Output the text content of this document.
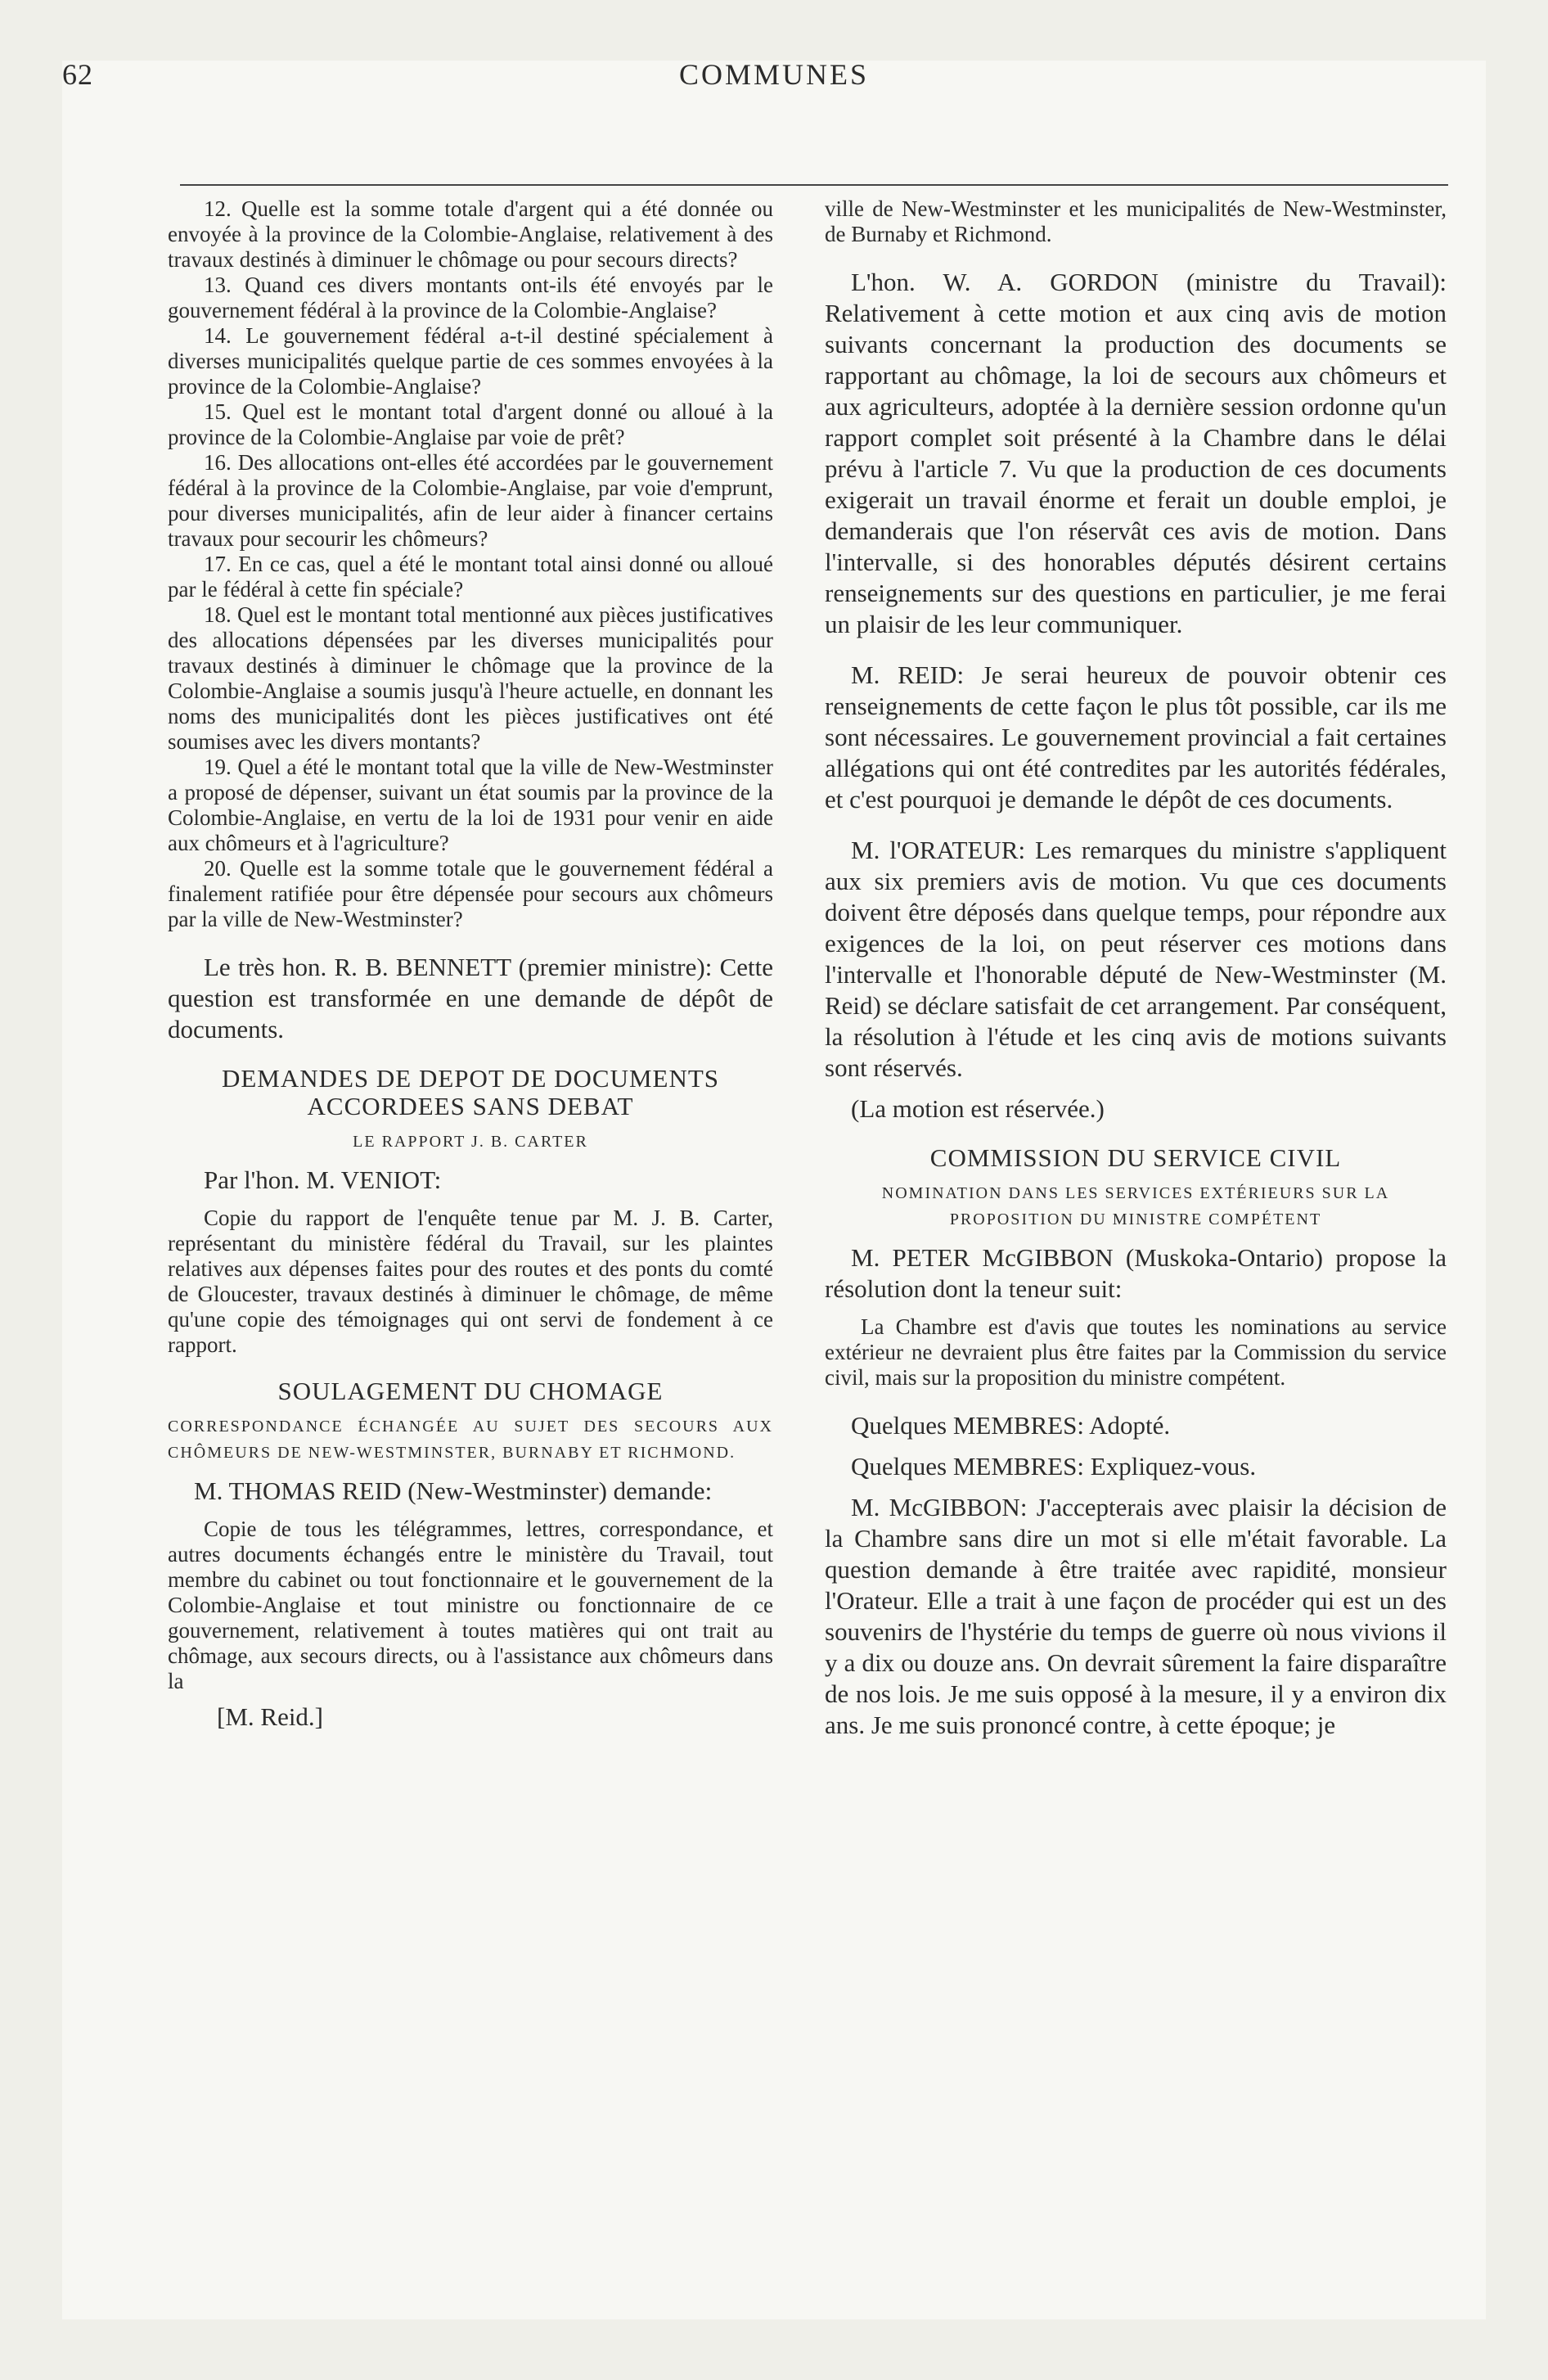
62	COMMUNES

12. Quelle est la somme totale d'argent qui a été donnée ou envoyée à la province de la Colombie-Anglaise, relativement à des travaux destinés à diminuer le chômage ou pour secours directs?

13. Quand ces divers montants ont-ils été envoyés par le gouvernement fédéral à la province de la Colombie-Anglaise?

14. Le gouvernement fédéral a-t-il destiné spécialement à diverses municipalités quelque partie de ces sommes envoyées à la province de la Colombie-Anglaise?

15. Quel est le montant total d'argent donné ou alloué à la province de la Colombie-Anglaise par voie de prêt?

16. Des allocations ont-elles été accordées par le gouvernement fédéral à la province de la Colombie-Anglaise, par voie d'emprunt, pour diverses municipalités, afin de leur aider à financer certains travaux pour secourir les chômeurs?

17. En ce cas, quel a été le montant total ainsi donné ou alloué par le fédéral à cette fin spéciale?

18. Quel est le montant total mentionné aux pièces justificatives des allocations dépensées par les diverses municipalités pour travaux destinés à diminuer le chômage que la province de la Colombie-Anglaise a soumis jusqu'à l'heure actuelle, en donnant les noms des municipalités dont les pièces justificatives ont été soumises avec les divers montants?

19. Quel a été le montant total que la ville de New-Westminster a proposé de dépenser, suivant un état soumis par la province de la Colombie-Anglaise, en vertu de la loi de 1931 pour venir en aide aux chômeurs et à l'agriculture?

20. Quelle est la somme totale que le gouvernement fédéral a finalement ratifiée pour être dépensée pour secours aux chômeurs par la ville de New-Westminster?

Le très hon. R. B. BENNETT (premier ministre): Cette question est transformée en une demande de dépôt de documents.

DEMANDES DE DEPOT DE DOCUMENTS ACCORDEES SANS DEBAT
LE RAPPORT J. B. CARTER

Par l'hon. M. VENIOT:

Copie du rapport de l'enquête tenue par M. J. B. Carter, représentant du ministère fédéral du Travail, sur les plaintes relatives aux dépenses faites pour des routes et des ponts du comté de Gloucester, travaux destinés à diminuer le chômage, de même qu'une copie des témoignages qui ont servi de fondement à ce rapport.

SOULAGEMENT DU CHOMAGE
CORRESPONDANCE ÉCHANGÉE AU SUJET DES SECOURS AUX CHÔMEURS DE NEW-WESTMINSTER, BURNABY ET RICHMOND.

M. THOMAS REID (New-Westminster) demande:

Copie de tous les télégrammes, lettres, correspondance, et autres documents échangés entre le ministère du Travail, tout membre du cabinet ou tout fonctionnaire et le gouvernement de la Colombie-Anglaise et tout ministre ou fonctionnaire de ce gouvernement, relativement à toutes matières qui ont trait au chômage, aux secours directs, ou à l'assistance aux chômeurs dans la

[M. Reid.]

ville de New-Westminster et les municipalités de New-Westminster, de Burnaby et Richmond.

L'hon. W. A. GORDON (ministre du Travail): Relativement à cette motion et aux cinq avis de motion suivants concernant la production des documents se rapportant au chômage, la loi de secours aux chômeurs et aux agriculteurs, adoptée à la dernière session ordonne qu'un rapport complet soit présenté à la Chambre dans le délai prévu à l'article 7. Vu que la production de ces documents exigerait un travail énorme et ferait un double emploi, je demanderais que l'on réservât ces avis de motion. Dans l'intervalle, si des honorables députés désirent certains renseignements sur des questions en particulier, je me ferai un plaisir de les leur communiquer.

M. REID: Je serai heureux de pouvoir obtenir ces renseignements de cette façon le plus tôt possible, car ils me sont nécessaires. Le gouvernement provincial a fait certaines allégations qui ont été contredites par les autorités fédérales, et c'est pourquoi je demande le dépôt de ces documents.

M. l'ORATEUR: Les remarques du ministre s'appliquent aux six premiers avis de motion. Vu que ces documents doivent être déposés dans quelque temps, pour répondre aux exigences de la loi, on peut réserver ces motions dans l'intervalle et l'honorable député de New-Westminster (M. Reid) se déclare satisfait de cet arrangement. Par conséquent, la résolution à l'étude et les cinq avis de motions suivants sont réservés.

(La motion est réservée.)

COMMISSION DU SERVICE CIVIL
NOMINATION DANS LES SERVICES EXTÉRIEURS SUR LA PROPOSITION DU MINISTRE COMPÉTENT

M. PETER McGIBBON (Muskoka-Ontario) propose la résolution dont la teneur suit:

La Chambre est d'avis que toutes les nominations au service extérieur ne devraient plus être faites par la Commission du service civil, mais sur la proposition du ministre compétent.

Quelques MEMBRES: Adopté.

Quelques MEMBRES: Expliquez-vous.

M. McGIBBON: J'accepterais avec plaisir la décision de la Chambre sans dire un mot si elle m'était favorable. La question demande à être traitée avec rapidité, monsieur l'Orateur. Elle a trait à une façon de procéder qui est un des souvenirs de l'hystérie du temps de guerre où nous vivions il y a dix ou douze ans. On devrait sûrement la faire disparaître de nos lois. Je me suis opposé à la mesure, il y a environ dix ans. Je me suis prononcé contre, à cette époque; je
